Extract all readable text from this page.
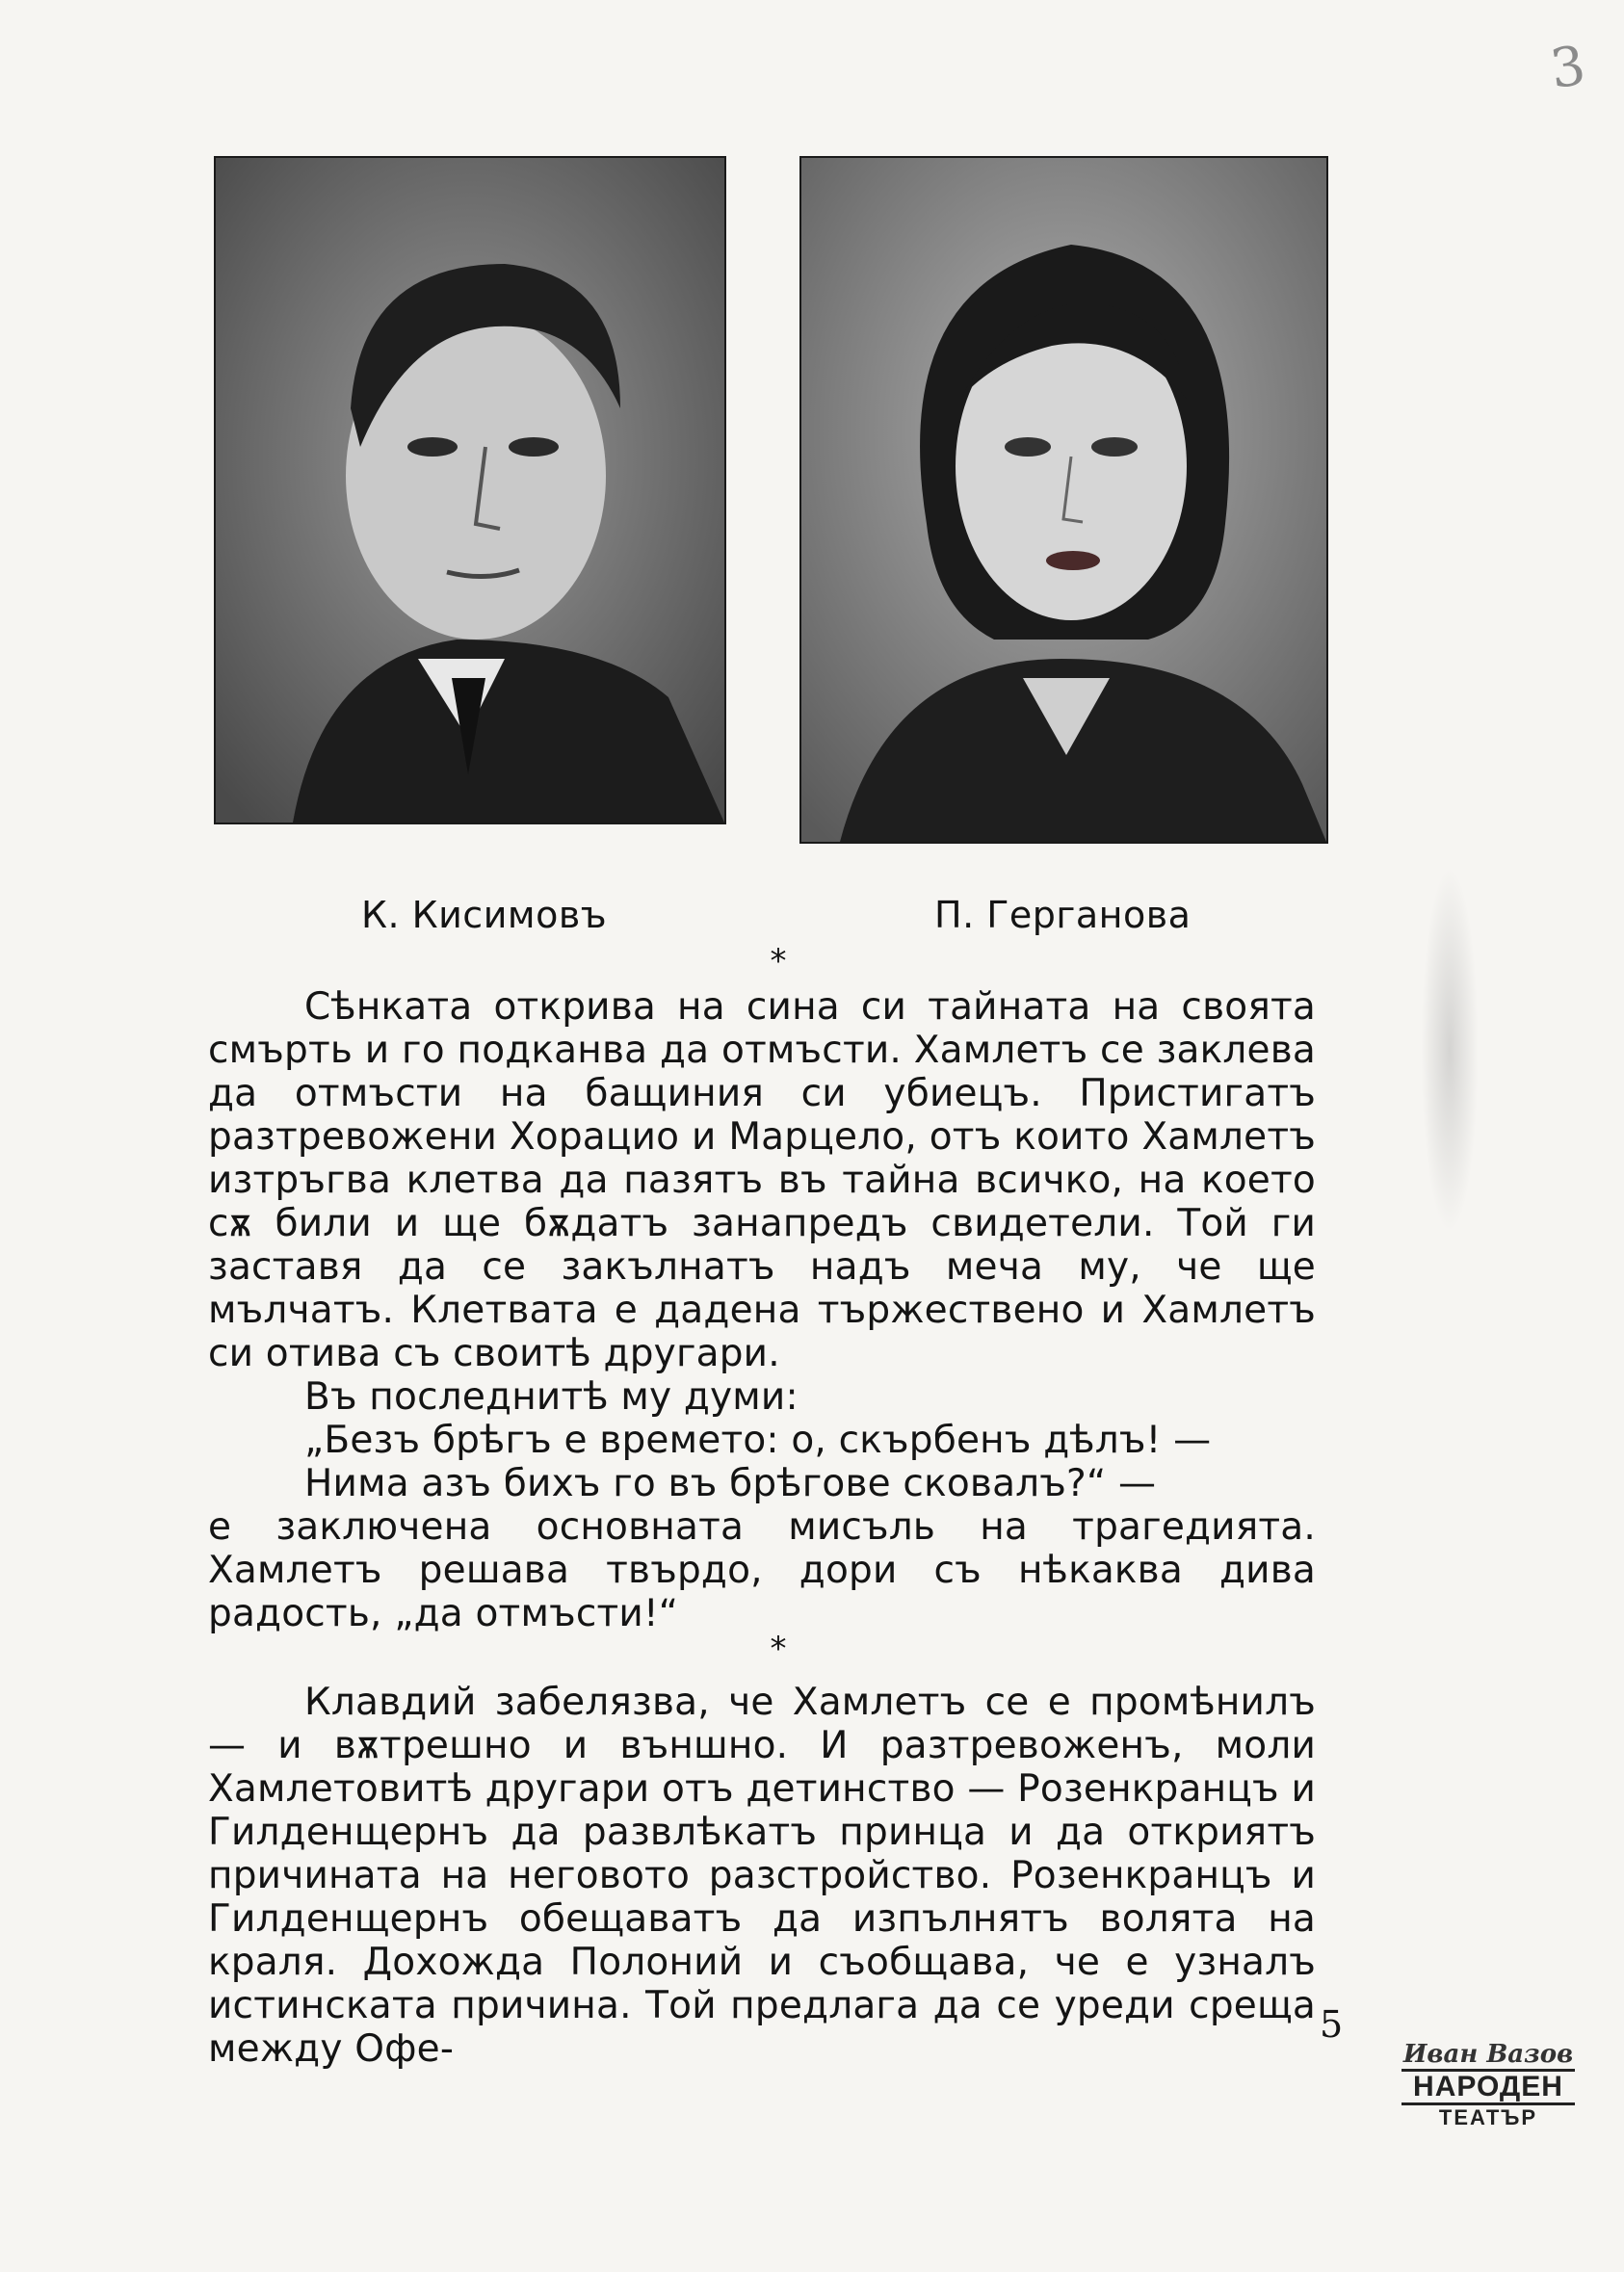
3
К. Кисимовъ	П. Герганова
*

Сѣнката открива на сина си тайната на своята смърть и го подканва да отмъсти. Хамлетъ се заклева да отмъсти на бащиния си убиецъ. Пристигатъ разтревожени Хорацио и Марцело, отъ които Хамлетъ изтръгва клетва да пазятъ въ тайна всичко, на което сѫ били и ще бѫдатъ занапредъ свидетели. Той ги заставя да се закълнатъ надъ меча му, че ще мълчатъ. Клетвата е дадена тържествено и Хамлетъ си отива съ своитѣ другари.

Въ последнитѣ му думи:

„Безъ брѣгъ е времето: о, скърбенъ дѣлъ! —

Нима азъ бихъ го въ брѣгове сковалъ?“ —

е заключена основната мисъль на трагедията. Хамлетъ решава твърдо, дори съ нѣкаква дива радость, „да отмъсти!“

*

Клавдий забелязва, че Хамлетъ се е промѣнилъ — и вѫтрешно и външно. И разтревоженъ, моли Хамлетовитѣ другари отъ детинство — Розенкранцъ и Гилденщернъ да развлѣкатъ принца и да откриятъ причината на неговото разстройство. Розенкранцъ и Гилденщернъ обещаватъ да изпълнятъ волята на краля. Дохожда Полоний и съобщава, че е узналъ истинската причина. Той предлага да се уреди среща между Офе-

5
Иван Вазов
НАРОДЕН
ТЕАТЪР
